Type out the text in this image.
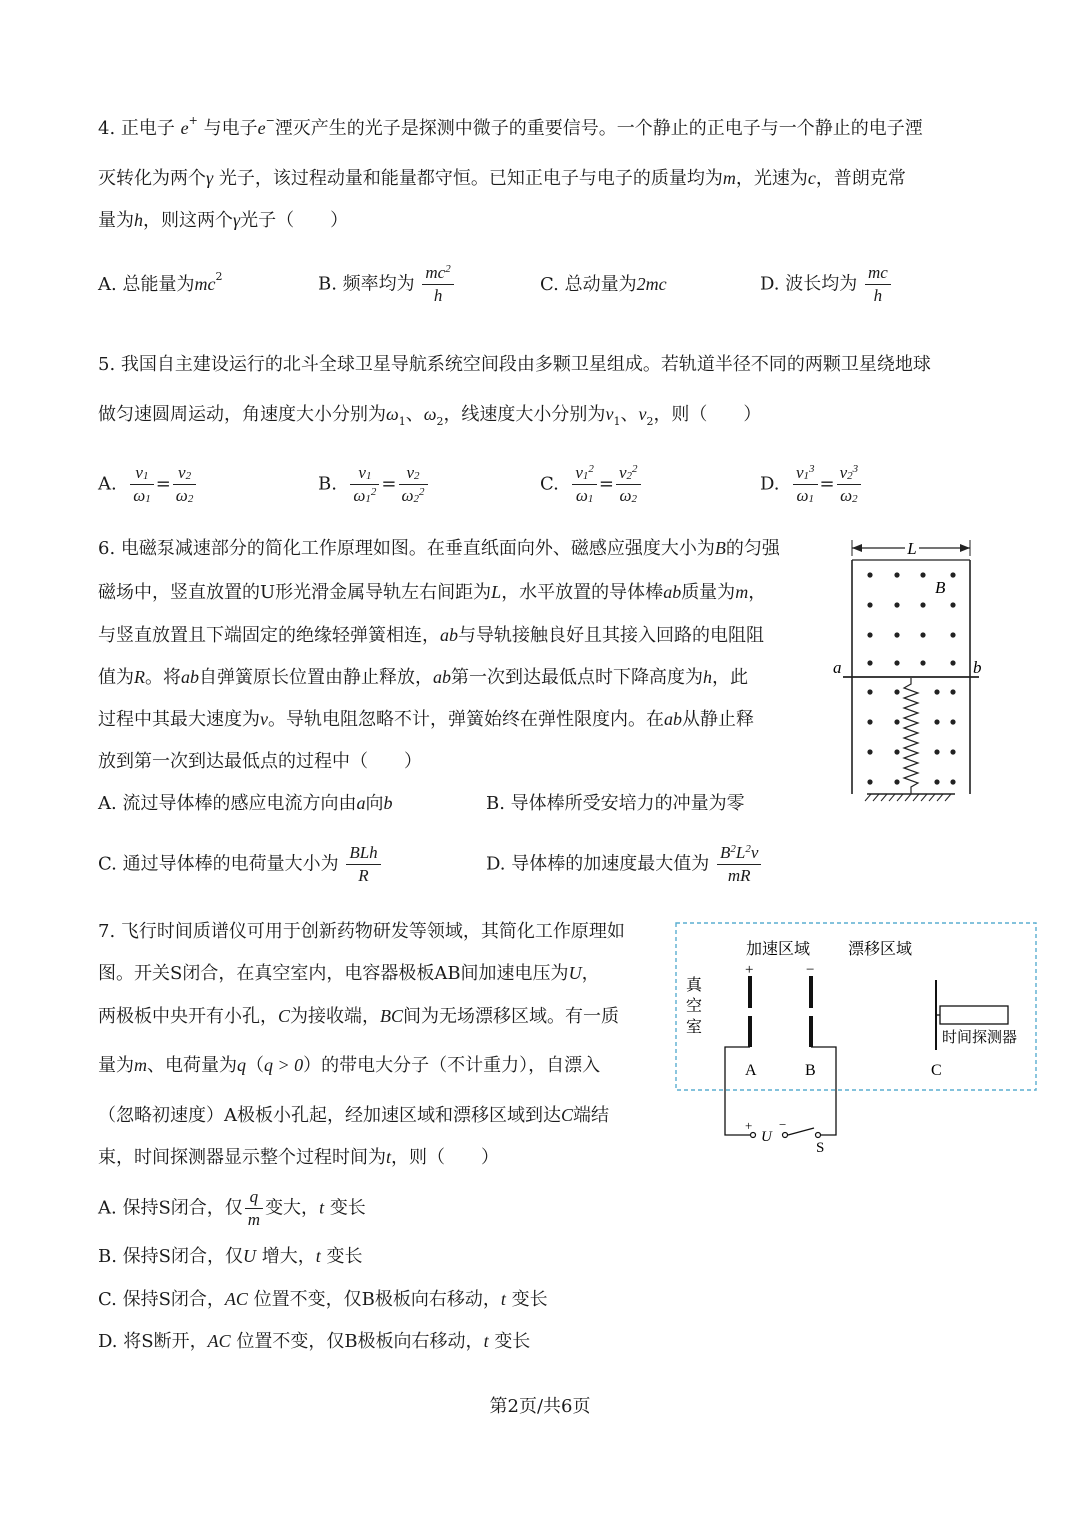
4. 正电子 e+ 与电子e−湮灭产生的光子是探测中微子的重要信号。一个静止的正电子与一个静止的电子湮
灭转化为两个γ 光子，该过程动量和能量都守恒。已知正电子与电子的质量均为m，光速为c，普朗克常
量为h，则这两个γ光子（　　）
A. 总能量为$mc^2$	B. 频率均为 $\frac{mc^2}{h}$	C. 总动量为2mc	D. 波长均为 $\frac{mc}{h}$
5. 我国自主建设运行的北斗全球卫星导航系统空间段由多颗卫星组成。若轨道半径不同的两颗卫星绕地球
做匀速圆周运动，角速度大小分别为$\omega_1$、$\omega_2$，线速度大小分别为$v_1$、$v_2$，则（　　）
A. $\frac{v_1}{\omega_1} = \frac{v_2}{\omega_2}$	B. $\frac{v_1}{\omega_1^2} = \frac{v_2}{\omega_2^2}$	C. $\frac{v_1^2}{\omega_1} = \frac{v_2^2}{\omega_2}$	D. $\frac{v_1^3}{\omega_1} = \frac{v_2^3}{\omega_2}$
6. 电磁泵减速部分的简化工作原理如图。在垂直纸面向外、磁感应强度大小为B的匀强
磁场中，竖直放置的U形光滑金属导轨左右间距为L，水平放置的导体棒ab质量为m，
与竖直放置且下端固定的绝缘轻弹簧相连，ab与导轨接触良好且其接入回路的电阻阻
值为R。将ab自弹簧原长位置由静止释放，ab第一次到达最低点时下降高度为h，此
过程中其最大速度为v。导轨电阻忽略不计，弹簧始终在弹性限度内。在ab从静止释
放到第一次到达最低点的过程中（　　）
A. 流过导体棒的感应电流方向由a向b	B. 导体棒所受安培力的冲量为零
C. 通过导体棒的电荷量大小为 $\frac{\text{BLh}}{R}$	D. 导体棒的加速度最大值为 $\frac{B^2L^2v}{mR}$
L
B
a	b
7. 飞行时间质谱仪可用于创新药物研发等领域，其简化工作原理如
图。开关S闭合，在真空室内，电容器极板AB间加速电压为U，
两极板中央开有小孔，C为接收端，BC间为无场漂移区域。有一质
量为m、电荷量为q（q > 0）的带电大分子（不计重力），自漂入
（忽略初速度）A极板小孔起，经加速区域和漂移区域到达C端结
束，时间探测器显示整个过程时间为t，则（　　）
A. 保持S闭合，仅 $\frac{q}{m}$ 变大，t 变长
B. 保持S闭合，仅U 增大，t 变长
C. 保持S闭合，AC 位置不变，仅B极板向右移动，t 变长
D. 将S断开，AC 位置不变，仅B极板向右移动，t 变长
加速区域 漂移区域
真
空
室
+	−
时间探测器
A	B	C
+ −
U
S
第2页/共6页
